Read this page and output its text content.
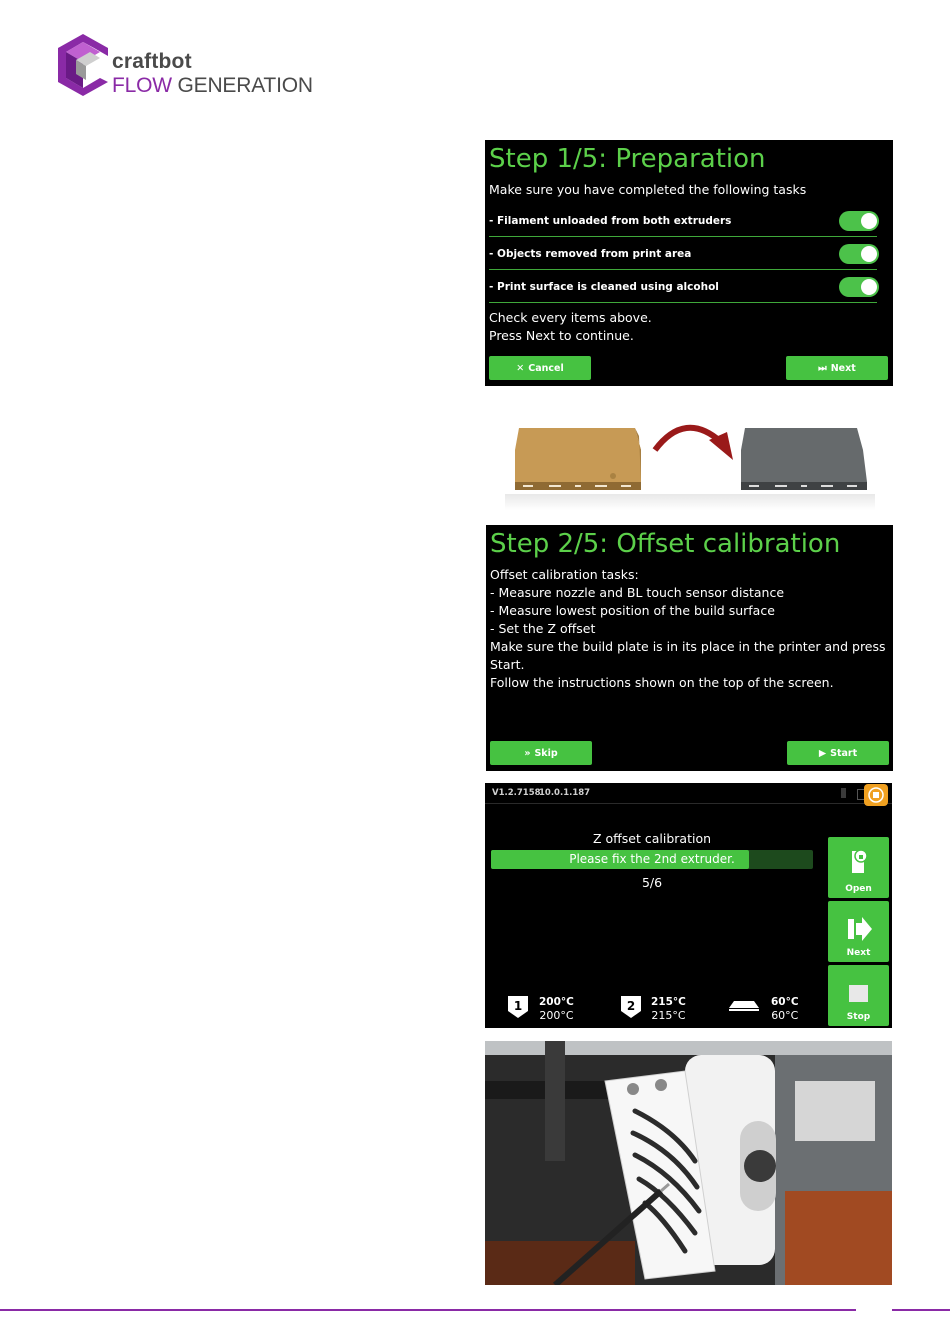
craftbot
FLOW GENERATION
Step 1/5: Preparation
Make sure you have completed the following tasks
- Filament unloaded from both extruders
- Objects removed from print area
- Print surface is cleaned using alcohol
Check every items above.
Press Next to continue.
✕ Cancel	⏭ Next
Step 2/5: Offset calibration
Offset calibration tasks:
- Measure nozzle and BL touch sensor distance
- Measure lowest position of the build surface
- Set the Z offset
Make sure the build plate is in its place in the printer and press
Start.
Follow the instructions shown on the top of the screen.
» Skip	▶ Start
V1.2.7158
10.0.1.187
Z offset calibration
Please fix the 2nd extruder.
5/6	Open
Next
Stop
1 200°C
200°C
2 215°C
215°C
60°C
60°C
